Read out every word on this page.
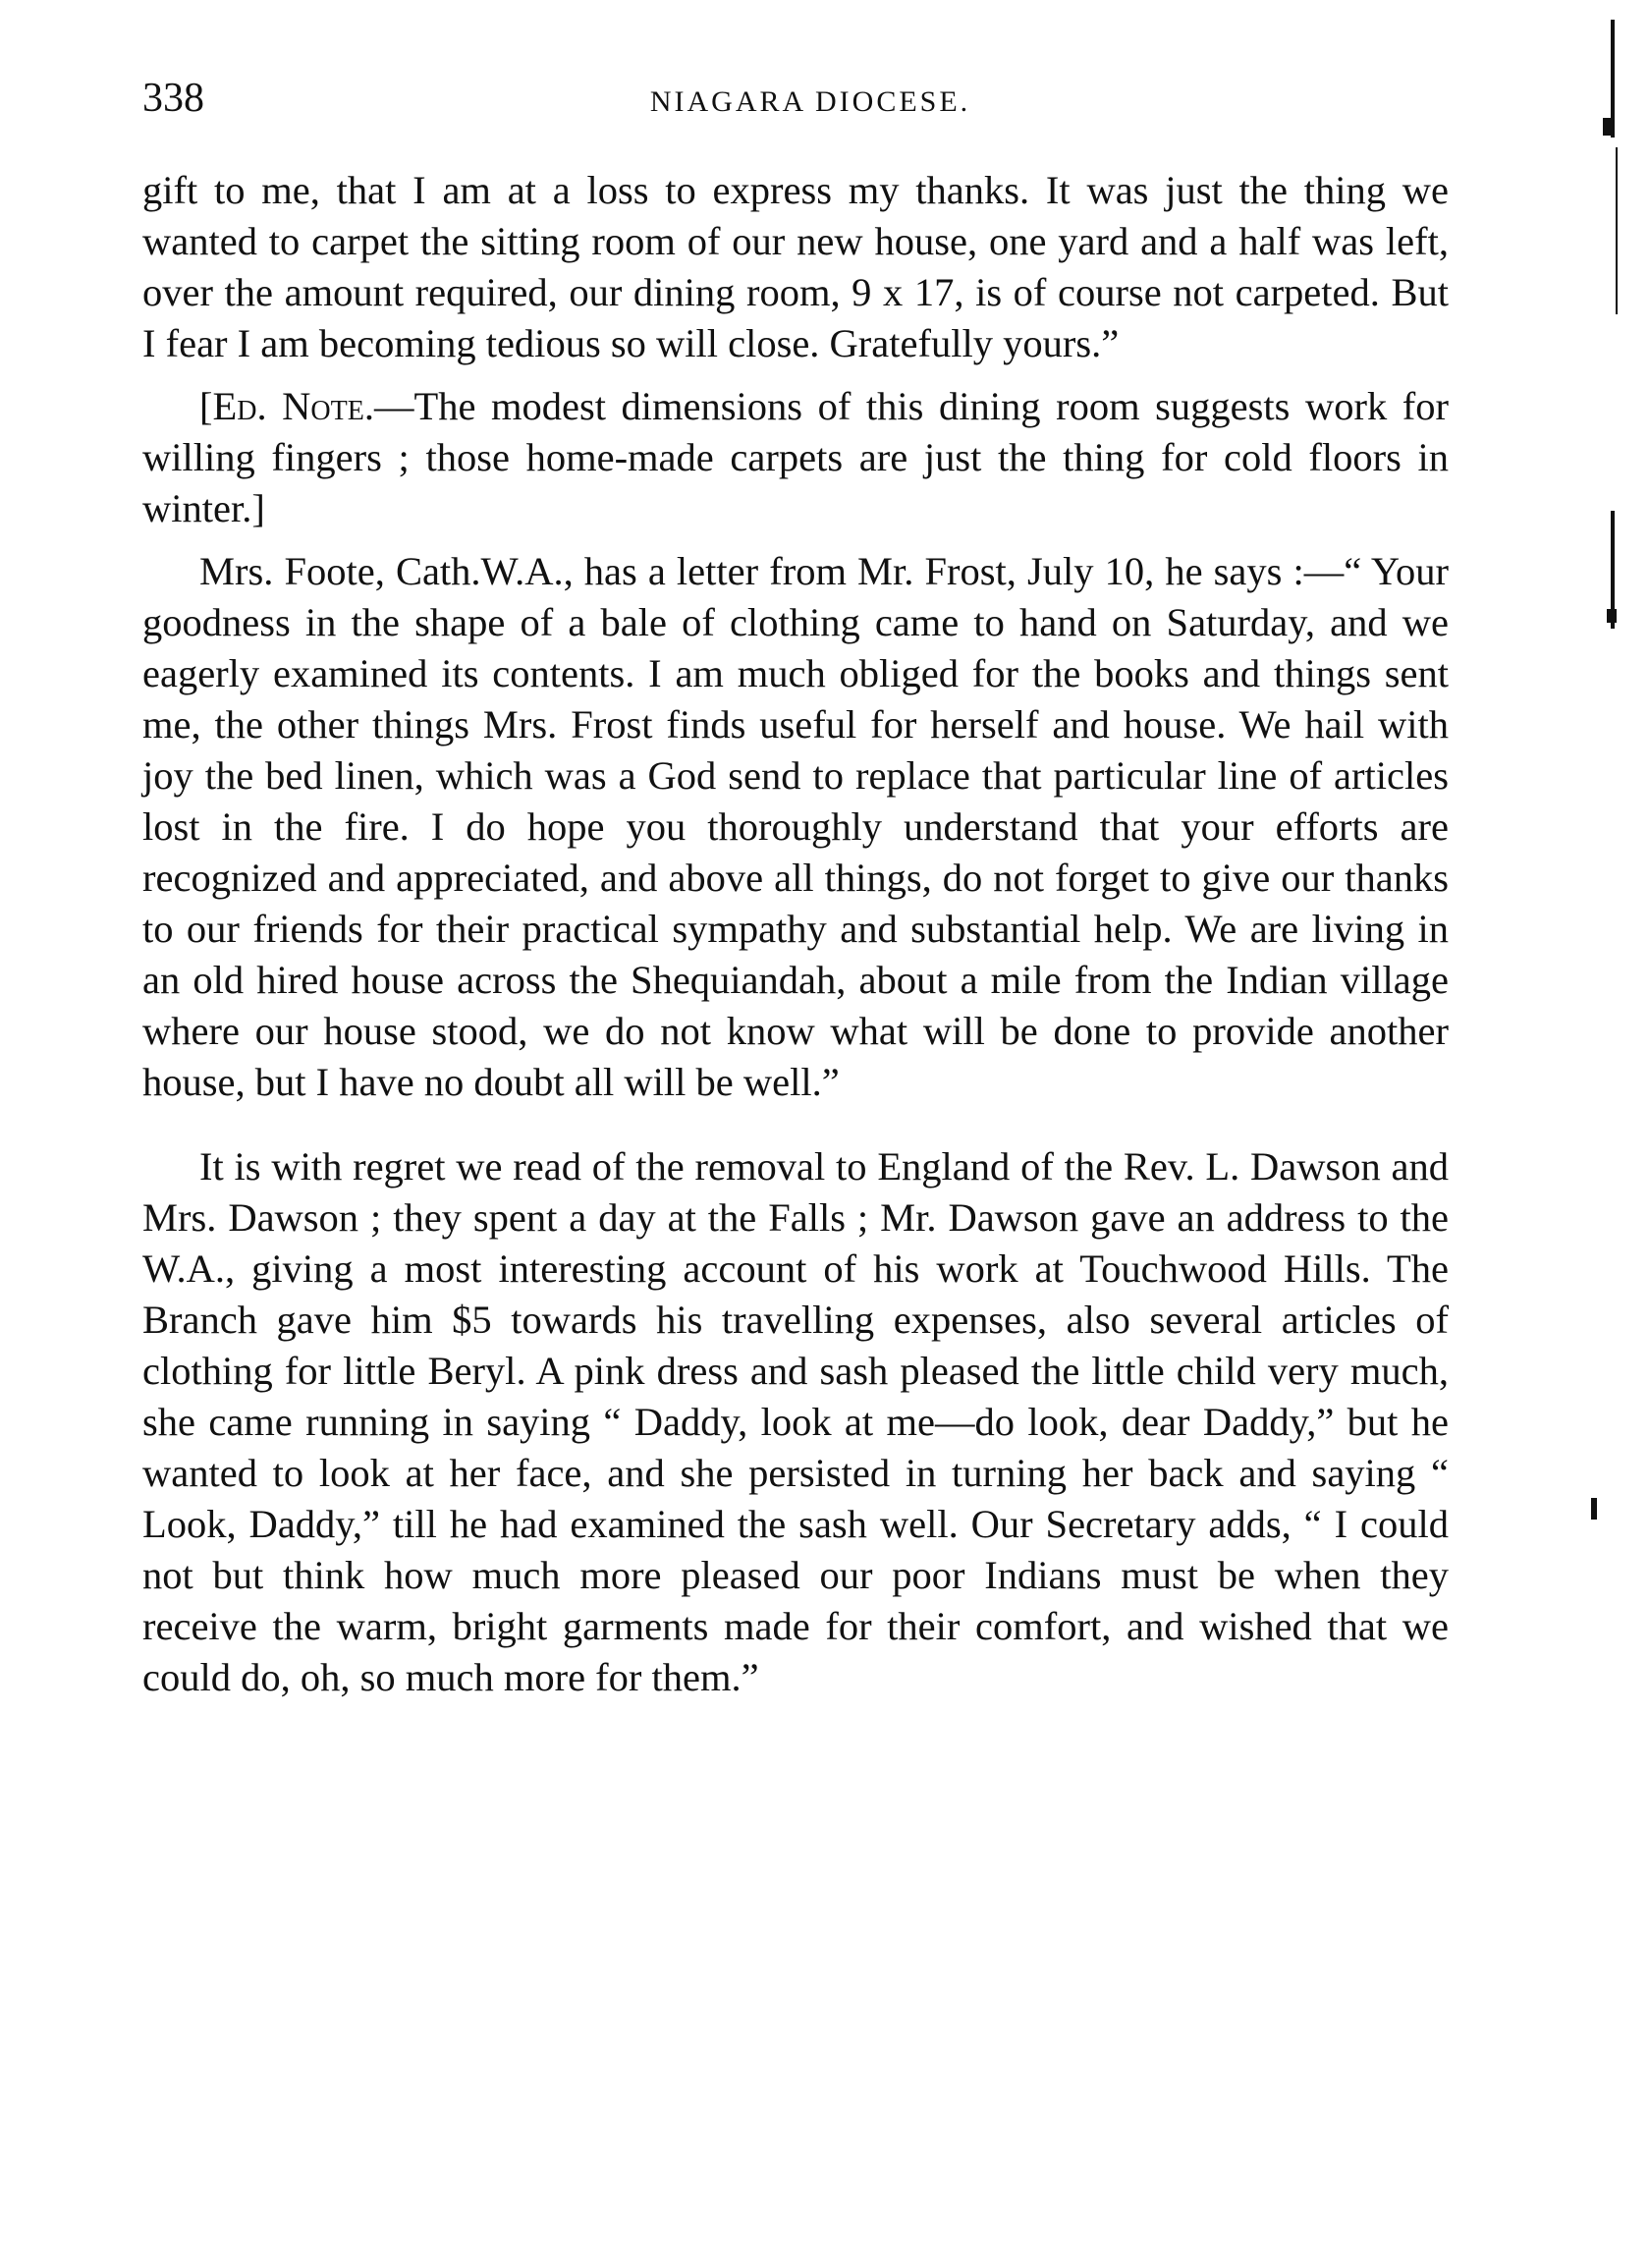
338	NIAGARA DIOCESE.

gift to me, that I am at a loss to express my thanks. It was just the thing we wanted to carpet the sitting room of our new house, one yard and a half was left, over the amount required, our dining room, 9 x 17, is of course not carpeted. But I fear I am becoming tedious so will close. Gratefully yours.”

[Ed. Note.—The modest dimensions of this dining room suggests work for willing fingers ; those home-made carpets are just the thing for cold floors in winter.]

Mrs. Foote, Cath.W.A., has a letter from Mr. Frost, July 10, he says :—“ Your goodness in the shape of a bale of clothing came to hand on Saturday, and we eagerly examined its contents. I am much obliged for the books and things sent me, the other things Mrs. Frost finds useful for herself and house. We hail with joy the bed linen, which was a God send to replace that particular line of articles lost in the fire. I do hope you thoroughly understand that your efforts are recognized and appreciated, and above all things, do not forget to give our thanks to our friends for their practical sympathy and substantial help. We are living in an old hired house across the Shequiandah, about a mile from the Indian village where our house stood, we do not know what will be done to provide another house, but I have no doubt all will be well.”

It is with regret we read of the removal to England of the Rev. L. Dawson and Mrs. Dawson ; they spent a day at the Falls ; Mr. Dawson gave an address to the W.A., giving a most interesting account of his work at Touchwood Hills. The Branch gave him $5 towards his travelling expenses, also several articles of clothing for little Beryl. A pink dress and sash pleased the little child very much, she came running in saying “ Daddy, look at me—do look, dear Daddy,” but he wanted to look at her face, and she persisted in turning her back and saying “ Look, Daddy,” till he had examined the sash well. Our Secretary adds, “ I could not but think how much more pleased our poor Indians must be when they receive the warm, bright garments made for their comfort, and wished that we could do, oh, so much more for them.”
